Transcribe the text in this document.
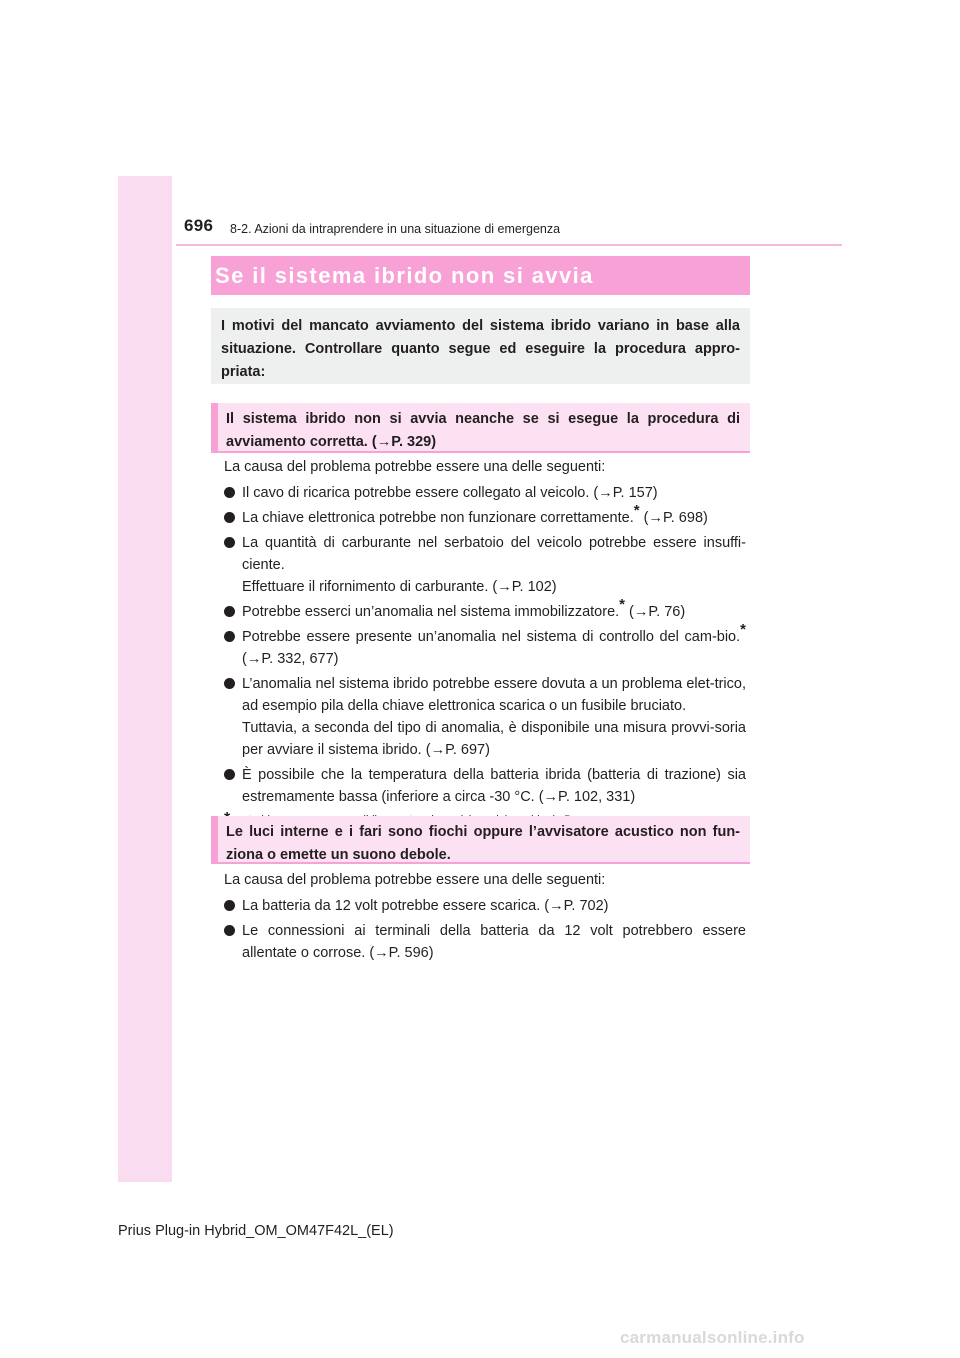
696 8-2. Azioni da intraprendere in una situazione di emergenza
Se il sistema ibrido non si avvia
I motivi del mancato avviamento del sistema ibrido variano in base alla situazione. Controllare quanto segue ed eseguire la procedura appro-priata:
Il sistema ibrido non si avvia neanche se si esegue la procedura di avviamento corretta. (→P. 329)

La causa del problema potrebbe essere una delle seguenti:

Il cavo di ricarica potrebbe essere collegato al veicolo. (→P. 157)
La chiave elettronica potrebbe non funzionare correttamente.* (→P. 698)
La quantità di carburante nel serbatoio del veicolo potrebbe essere insuffi-ciente.
Effettuare il rifornimento di carburante. (→P. 102)
Potrebbe esserci un’anomalia nel sistema immobilizzatore.* (→P. 76)
Potrebbe essere presente un’anomalia nel sistema di controllo del cam-bio.* (→P. 332, 677)
L’anomalia nel sistema ibrido potrebbe essere dovuta a un problema elet-trico, ad esempio pila della chiave elettronica scarica o un fusibile bruciato.
Tuttavia, a seconda del tipo di anomalia, è disponibile una misura provvi-soria per avviare il sistema ibrido. (→P. 697)
È possibile che la temperatura della batteria ibrida (batteria di trazione) sia estremamente bassa (inferiore a circa -30 °C. (→P. 102, 331)

Le luci interne e i fari sono fiochi oppure l’avvisatore acustico non fun-ziona o emette un suono debole.

La causa del problema potrebbe essere una delle seguenti:

La batteria da 12 volt potrebbe essere scarica. (→P. 702)
Le connessioni ai terminali della batteria da 12 volt potrebbero essere allentate o corrose. (→P. 596)
Prius Plug-in Hybrid_OM_OM47F42L_(EL)
carmanualsonline.info
